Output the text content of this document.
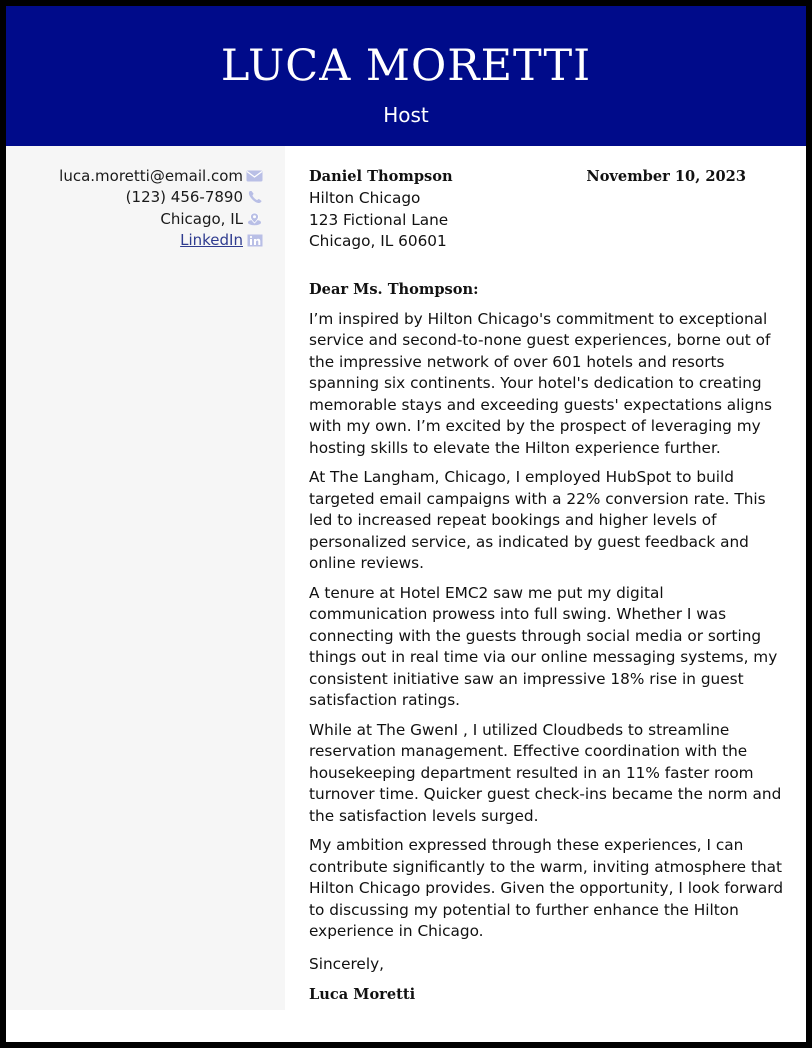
LUCA MORETTI
Host
luca.moretti@email.com
(123) 456-7890
Chicago, IL
LinkedIn
Daniel Thompson	November 10, 2023
Hilton Chicago
123 Fictional Lane
Chicago, IL 60601
Dear Ms. Thompson:

I’m inspired by Hilton Chicago's commitment to exceptional service and second-to-none guest experiences, borne out of the impressive network of over 601 hotels and resorts spanning six continents. Your hotel's dedication to creating memorable stays and exceeding guests' expectations aligns with my own. I’m excited by the prospect of leveraging my hosting skills to elevate the Hilton experience further.

At The Langham, Chicago, I employed HubSpot to build targeted email campaigns with a 22% conversion rate. This led to increased repeat bookings and higher levels of personalized service, as indicated by guest feedback and online reviews.

A tenure at Hotel EMC2 saw me put my digital communication prowess into full swing. Whether I was connecting with the guests through social media or sorting things out in real time via our online messaging systems, my consistent initiative saw an impressive 18% rise in guest satisfaction ratings.

While at The GwenI , I utilized Cloudbeds to streamline reservation management. Effective coordination with the housekeeping department resulted in an 11% faster room turnover time. Quicker guest check-ins became the norm and the satisfaction levels surged.

My ambition expressed through these experiences, I can contribute significantly to the warm, inviting atmosphere that Hilton Chicago provides. Given the opportunity, I look forward to discussing my potential to further enhance the Hilton experience in Chicago.

Sincerely,
Luca Moretti
